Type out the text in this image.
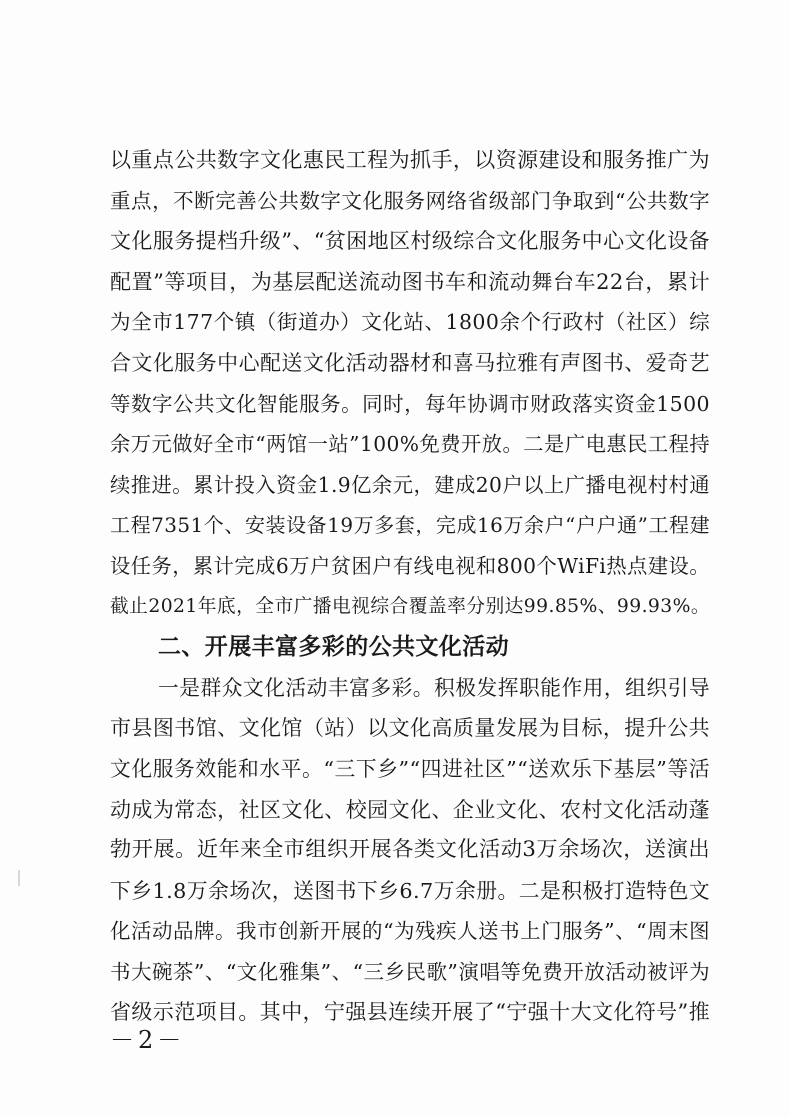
以重点公共数字文化惠民工程为抓手，以资源建设和服务推广为
重点，不断完善公共数字文化服务网络省级部门争取到“公共数字
文化服务提档升级”、“贫困地区村级综合文化服务中心文化设备
配置”等项目，为基层配送流动图书车和流动舞台车22台，累计
为全市177个镇（街道办）文化站、1800余个行政村（社区）综
合文化服务中心配送文化活动器材和喜马拉雅有声图书、爱奇艺
等数字公共文化智能服务。同时，每年协调市财政落实资金1500
余万元做好全市“两馆一站”100%免费开放。二是广电惠民工程持
续推进。累计投入资金1.9亿余元，建成20户以上广播电视村村通
工程7351个、安装设备19万多套，完成16万余户“户户通”工程建
设任务，累计完成6万户贫困户有线电视和800个WiFi热点建设。
截止2021年底，全市广播电视综合覆盖率分别达99.85%、99.93%。
二、开展丰富多彩的公共文化活动
一是群众文化活动丰富多彩。积极发挥职能作用，组织引导
市县图书馆、文化馆（站）以文化高质量发展为目标，提升公共
文化服务效能和水平。“三下乡”“四进社区”“送欢乐下基层”等活
动成为常态，社区文化、校园文化、企业文化、农村文化活动蓬
勃开展。近年来全市组织开展各类文化活动3万余场次，送演出
下乡1.8万余场次，送图书下乡6.7万余册。二是积极打造特色文
化活动品牌。我市创新开展的“为残疾人送书上门服务”、“周末图
书大碗茶”、“文化雅集”、“三乡民歌”演唱等免费开放活动被评为
省级示范项目。其中，宁强县连续开展了“宁强十大文化符号”推
－2－
